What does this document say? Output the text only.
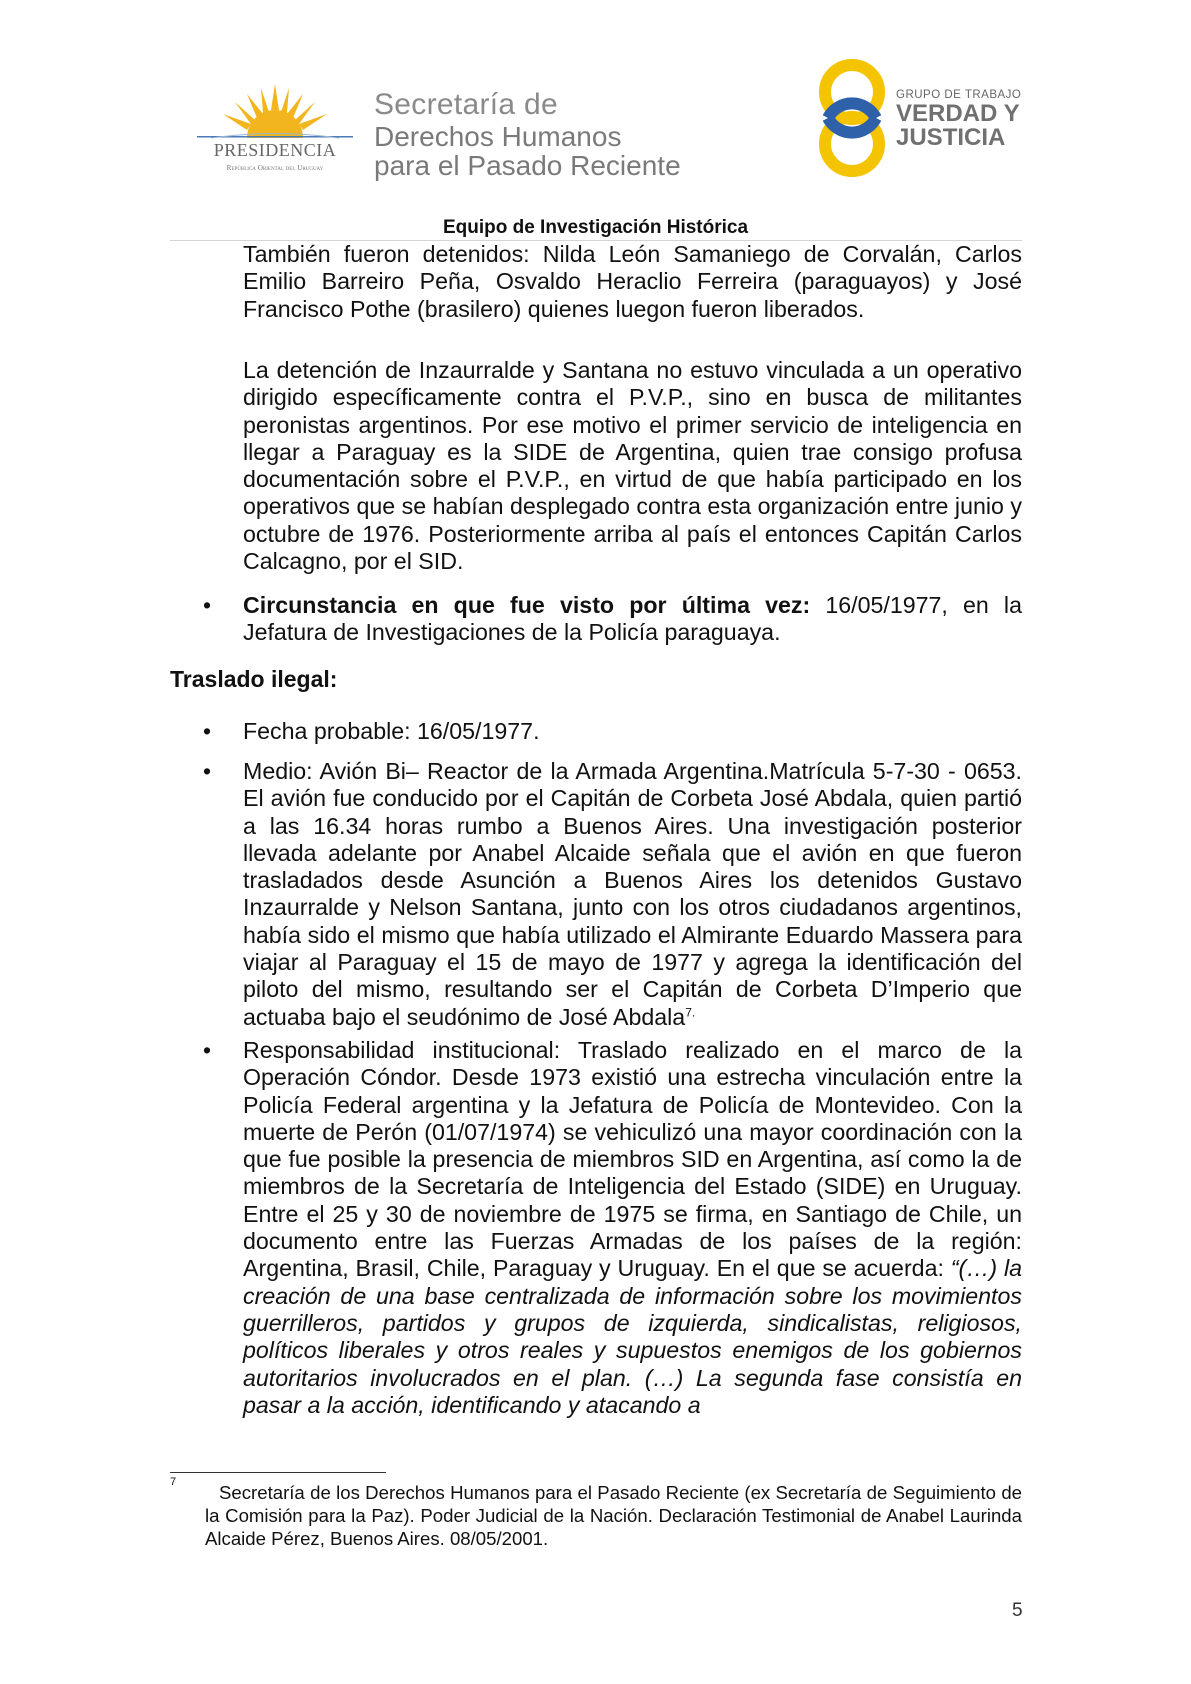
PRESIDENCIA
República Oriental del Uruguay
Secretaría de
Derechos Humanos
para el Pasado Reciente
GRUPO DE TRABAJO
VERDAD Y
JUSTICIA
Equipo de Investigación Histórica

También fueron detenidos: Nilda León Samaniego de Corvalán, Carlos Emilio Barreiro Peña, Osvaldo Heraclio Ferreira (paraguayos) y José Francisco Pothe (brasilero) quienes luegon fueron liberados.

La detención de Inzaurralde y Santana no estuvo vinculada a un operativo dirigido específicamente contra el P.V.P., sino en busca de militantes peronistas argentinos. Por ese motivo el primer servicio de inteligencia en llegar a Paraguay es la SIDE de Argentina, quien trae consigo profusa documentación sobre el P.V.P., en virtud de que había participado en los operativos que se habían desplegado contra esta organización entre junio y octubre de 1976. Posteriormente arriba al país el entonces Capitán Carlos Calcagno, por el SID.

• Circunstancia en que fue visto por última vez: 16/05/1977, en la Jefatura de Investigaciones de la Policía paraguaya.

Traslado ilegal:

• Fecha probable: 16/05/1977.

• Medio: Avión Bi– Reactor de la Armada Argentina.Matrícula 5-7-30 - 0653. El avión fue conducido por el Capitán de Corbeta José Abdala, quien partió a las 16.34 horas rumbo a Buenos Aires. Una investigación posterior llevada adelante por Anabel Alcaide señala que el avión en que fueron trasladados desde Asunción a Buenos Aires los detenidos Gustavo Inzaurralde y Nelson Santana, junto con los otros ciudadanos argentinos, había sido el mismo que había utilizado el Almirante Eduardo Massera para viajar al Paraguay el 15 de mayo de 1977 y agrega la identificación del piloto del mismo, resultando ser el Capitán de Corbeta D’Imperio que actuaba bajo el seudónimo de José Abdala$^{7.}$

• Responsabilidad institucional: Traslado realizado en el marco de la Operación Cóndor. Desde 1973 existió una estrecha vinculación entre la Policía Federal argentina y la Jefatura de Policía de Montevideo. Con la muerte de Perón (01/07/1974) se vehiculizó una mayor coordinación con la que fue posible la presencia de miembros SID en Argentina, así como la de miembros de la Secretaría de Inteligencia del Estado (SIDE) en Uruguay. Entre el 25 y 30 de noviembre de 1975 se firma, en Santiago de Chile, un documento entre las Fuerzas Armadas de los países de la región: Argentina, Brasil, Chile, Paraguay y Uruguay. En el que se acuerda: “(…) la creación de una base centralizada de información sobre los movimientos guerrilleros, partidos y grupos de izquierda, sindicalistas, religiosos, políticos liberales y otros reales y supuestos enemigos de los gobiernos autoritarios involucrados en el plan. (…) La segunda fase consistía en pasar a la acción, identificando y atacando a

7	Secretaría de los Derechos Humanos para el Pasado Reciente (ex Secretaría de Seguimiento de la Comisión para la Paz). Poder Judicial de la Nación. Declaración Testimonial de Anabel Laurinda Alcaide Pérez, Buenos Aires. 08/05/2001.

5
